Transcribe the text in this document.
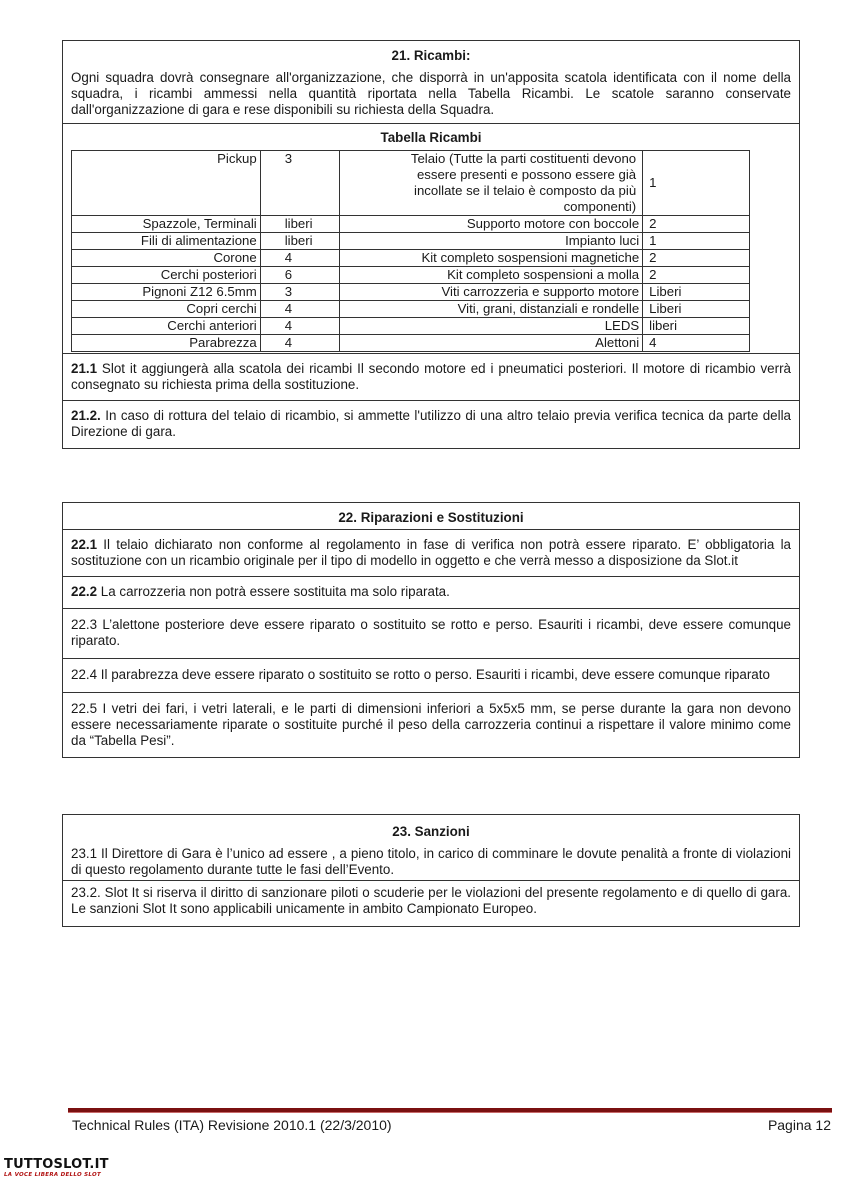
21. Ricambi:
Ogni squadra dovrà consegnare all'organizzazione, che disporrà in un'apposita scatola identificata con il nome della squadra, i ricambi ammessi nella quantità riportata nella Tabella Ricambi. Le scatole saranno conservate dall'organizzazione di gara e rese disponibili su richiesta della Squadra.
Tabella Ricambi
Pickup	3	Telaio (Tutte la parti costituenti devono essere presenti e possono essere già incollate se il telaio è composto da più componenti)	1
Spazzole, Terminali	liberi	Supporto motore con boccole	2
Fili di alimentazione	liberi	Impianto luci	1
Corone	4	Kit completo sospensioni magnetiche	2
Cerchi posteriori	6	Kit completo sospensioni a molla	2
Pignoni Z12 6.5mm	3	Viti carrozzeria e supporto motore	Liberi
Copri cerchi	4	Viti, grani, distanziali e rondelle	Liberi
Cerchi anteriori	4	LEDS	liberi
Parabrezza	4	Alettoni	4
21.1 Slot it aggiungerà alla scatola dei ricambi Il secondo motore ed i pneumatici posteriori. Il motore di ricambio verrà consegnato su richiesta prima della sostituzione.
21.2. In caso di rottura del telaio di ricambio, si ammette l'utilizzo di una altro telaio previa verifica tecnica da parte della Direzione di gara.
22. Riparazioni e Sostituzioni
22.1 Il telaio dichiarato non conforme al regolamento in fase di verifica non potrà essere riparato. E’ obbligatoria la sostituzione con un ricambio originale per il tipo di modello in oggetto e che verrà messo a disposizione da Slot.it
22.2 La carrozzeria non potrà essere sostituita ma solo riparata.
22.3 L’alettone posteriore deve essere riparato o sostituito se rotto e perso. Esauriti i ricambi, deve essere comunque riparato.
22.4 Il parabrezza deve essere riparato o sostituito se rotto o perso. Esauriti i ricambi, deve essere comunque riparato
22.5 I vetri dei fari, i vetri laterali, e le parti di dimensioni inferiori a 5x5x5 mm, se perse durante la gara non devono essere necessariamente riparate o sostituite purché il peso della carrozzeria continui a rispettare il valore minimo come da “Tabella Pesi”.
23. Sanzioni
23.1 Il Direttore di Gara è l’unico ad essere , a pieno titolo, in carico di comminare le dovute penalità a fronte di violazioni di questo regolamento durante tutte le fasi dell’Evento.
23.2. Slot It si riserva il diritto di sanzionare piloti o scuderie per le violazioni del presente regolamento e di quello di gara. Le sanzioni Slot It sono applicabili unicamente in ambito Campionato Europeo.
Technical Rules (ITA) Revisione 2010.1 (22/3/2010)	Pagina 12
TUTTOSLOT.IT
LA VOCE LIBERA DELLO SLOT
